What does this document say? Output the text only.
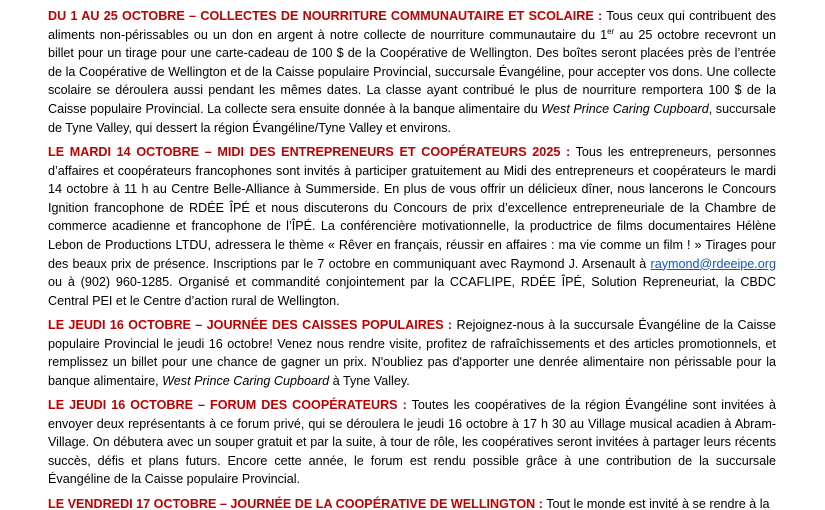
DU 1 AU 25 OCTOBRE – COLLECTES DE NOURRITURE COMMUNAUTAIRE ET SCOLAIRE : Tous ceux qui contribuent des aliments non-périssables ou un don en argent à notre collecte de nourriture communautaire du 1er au 25 octobre recevront un billet pour un tirage pour une carte-cadeau de 100 $ de la Coopérative de Wellington. Des boîtes seront placées près de l’entrée de la Coopérative de Wellington et de la Caisse populaire Provincial, succursale Évangéline, pour accepter vos dons. Une collecte scolaire se déroulera aussi pendant les mêmes dates. La classe ayant contribué le plus de nourriture remportera 100 $ de la Caisse populaire Provincial. La collecte sera ensuite donnée à la banque alimentaire du West Prince Caring Cupboard, succursale de Tyne Valley, qui dessert la région Évangéline/Tyne Valley et environs.

LE MARDI 14 OCTOBRE – MIDI DES ENTREPRENEURS ET COOPÉRATEURS 2025 : Tous les entrepreneurs, personnes d’affaires et coopérateurs francophones sont invités à participer gratuitement au Midi des entrepreneurs et coopérateurs le mardi 14 octobre à 11 h au Centre Belle-Alliance à Summerside. En plus de vous offrir un délicieux dîner, nous lancerons le Concours Ignition francophone de RDÉE ÎPÉ et nous discuterons du Concours de prix d’excellence entrepreneuriale de la Chambre de commerce acadienne et francophone de l’ÎPÉ. La conférencière motivationnelle, la productrice de films documentaires Hélène Lebon de Productions LTDU, adressera le thème « Rêver en français, réussir en affaires : ma vie comme un film ! » Tirages pour des beaux prix de présence. Inscriptions par le 7 octobre en communiquant avec Raymond J. Arsenault à raymond@rdeeipe.org ou à (902) 960-1285. Organisé et commandité conjointement par la CCAFLIPE, RDÉE ÎPÉ, Solution Repreneuriat, la CBDC Central PEI et le Centre d’action rural de Wellington.

LE JEUDI 16 OCTOBRE – JOURNÉE DES CAISSES POPULAIRES : Rejoignez-nous à la succursale Évangéline de la Caisse populaire Provincial le jeudi 16 octobre! Venez nous rendre visite, profitez de rafraîchissements et des articles promotionnels, et remplissez un billet pour une chance de gagner un prix. N'oubliez pas d'apporter une denrée alimentaire non périssable pour la banque alimentaire, West Prince Caring Cupboard à Tyne Valley.

LE JEUDI 16 OCTOBRE – FORUM DES COOPÉRATEURS : Toutes les coopératives de la région Évangéline sont invitées à envoyer deux représentants à ce forum privé, qui se déroulera le jeudi 16 octobre à 17 h 30 au Village musical acadien à Abram-Village. On débutera avec un souper gratuit et par la suite, à tour de rôle, les coopératives seront invitées à partager leurs récents succès, défis et plans futurs. Encore cette année, le forum est rendu possible grâce à une contribution de la succursale Évangéline de la Caisse populaire Provincial.

LE VENDREDI 17 OCTOBRE – JOURNÉE DE LA COOPÉRATIVE DE WELLINGTON : Tout le monde est invité à se rendre à la
